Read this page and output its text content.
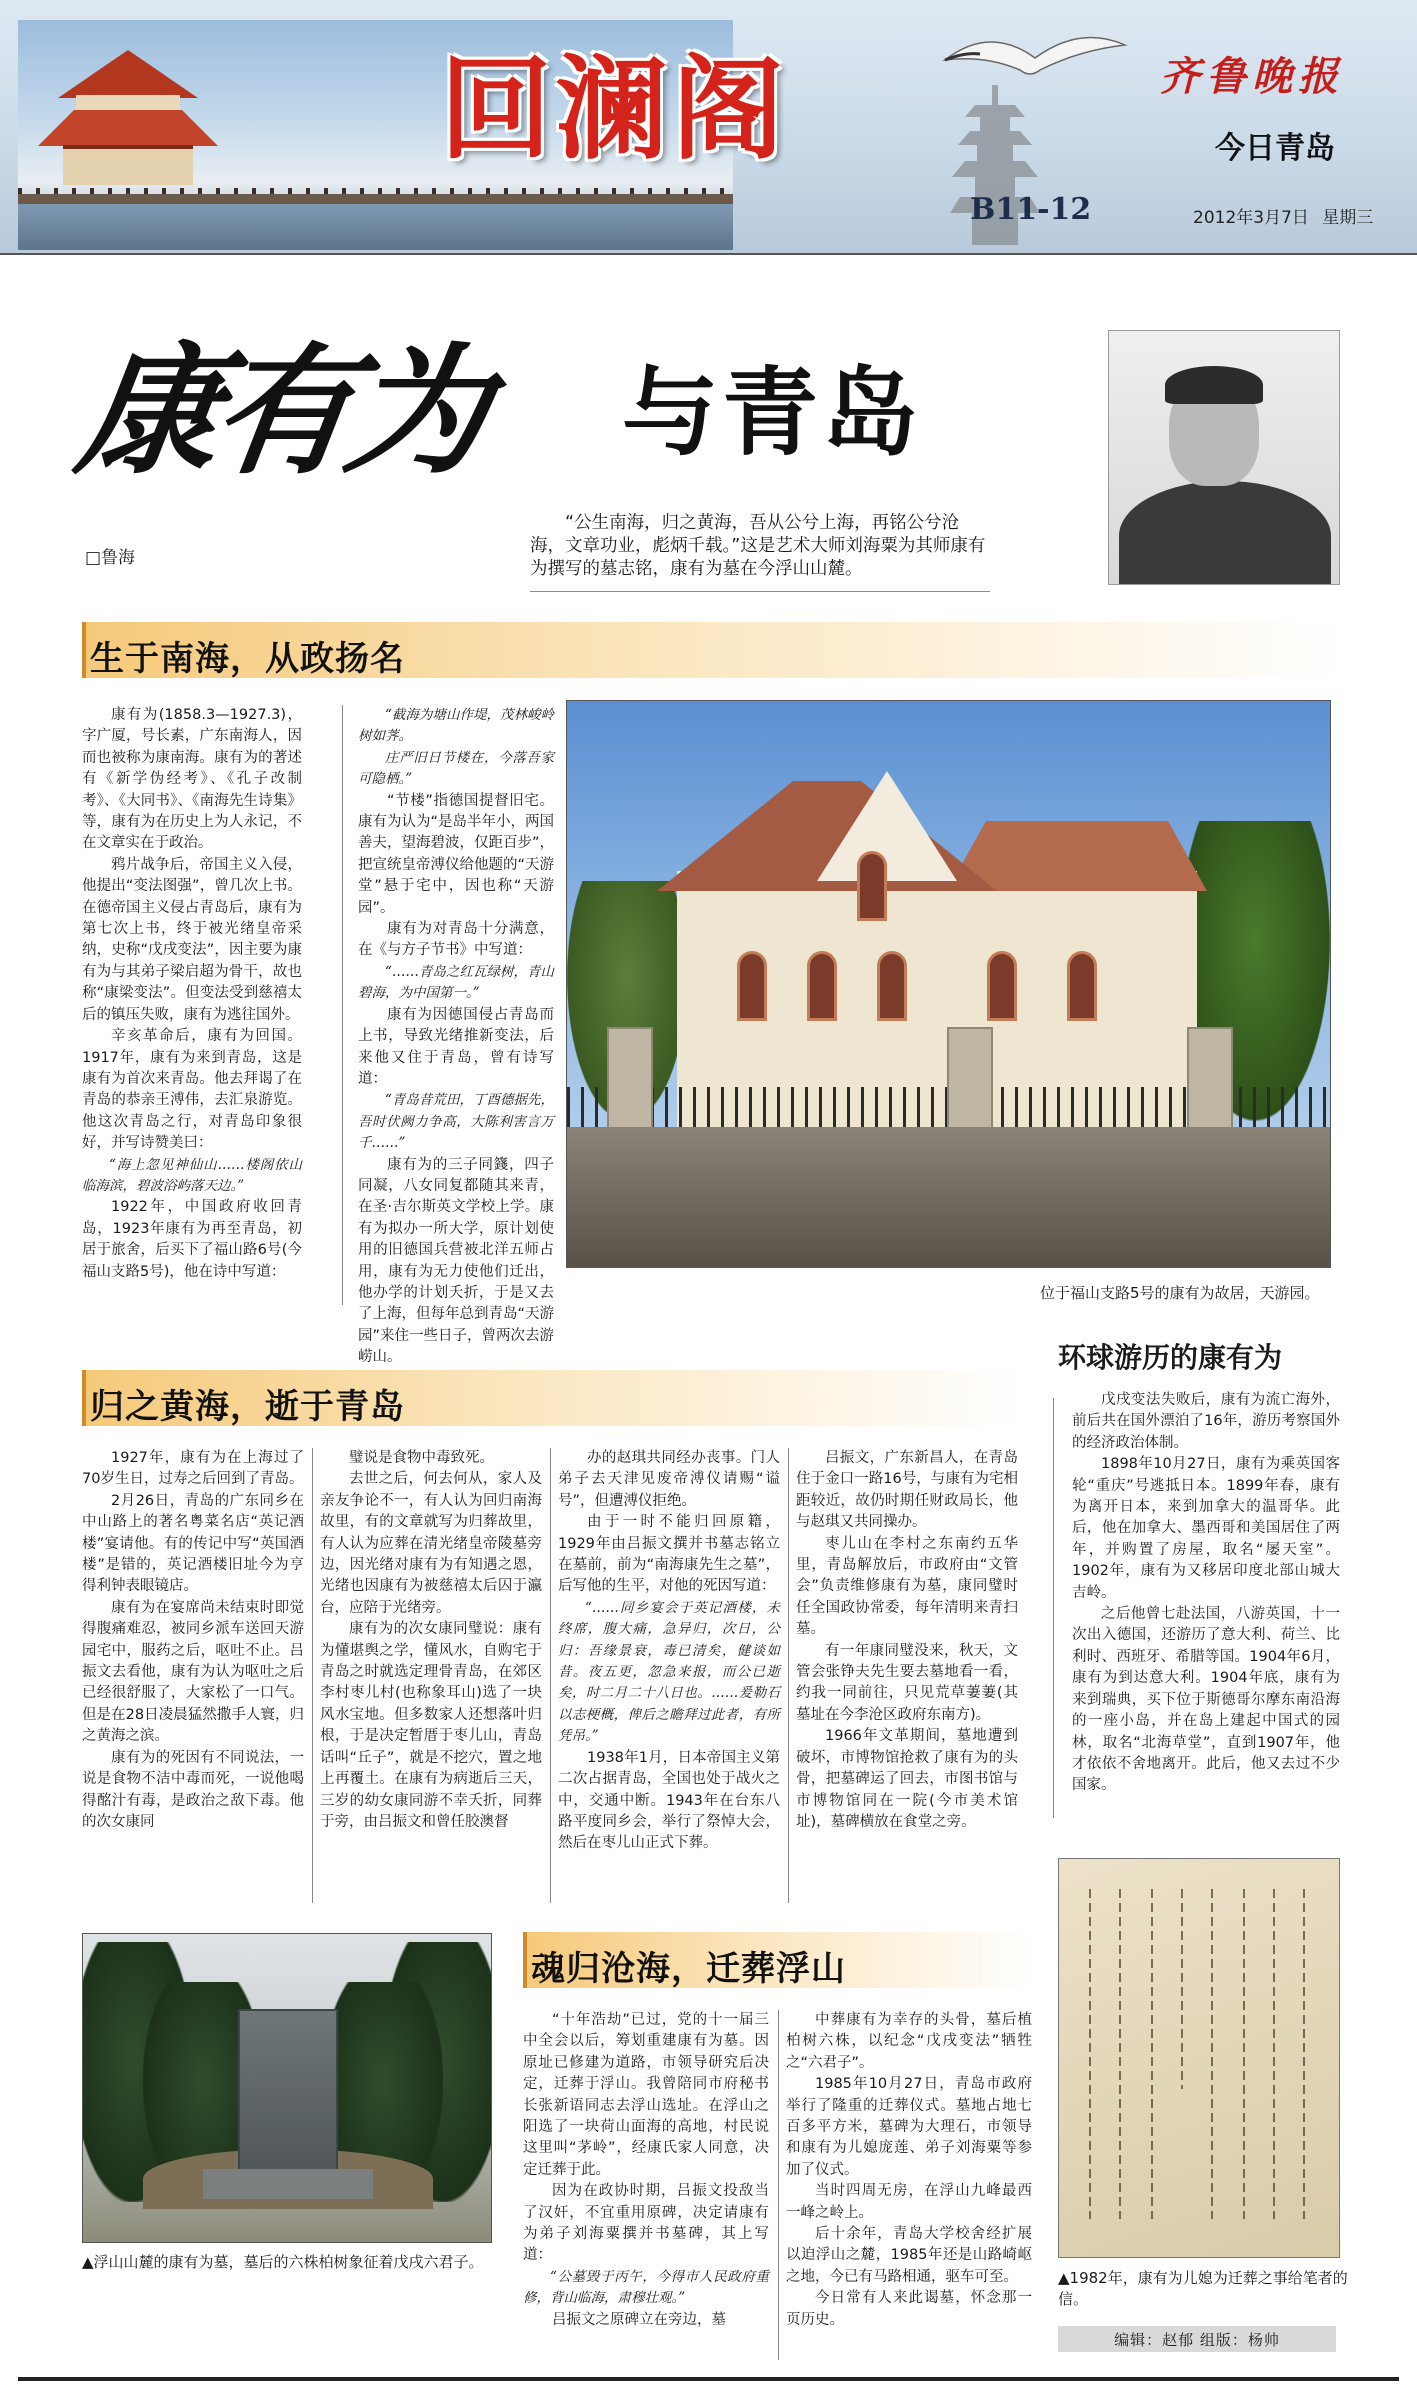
回澜阁	齐鲁晚报
今日青岛
B11-12	2012年3月7日 星期三
康有为 与青岛
□鲁海

“公生南海，归之黄海，吾从公兮上海，再铭公兮沧海，文章功业，彪炳千载。”这是艺术大师刘海粟为其师康有为撰写的墓志铭，康有为墓在今浮山山麓。

生于南海，从政扬名

康有为(1858.3—1927.3)，字广厦，号长素，广东南海人，因而也被称为康南海。康有为的著述有《新学伪经考》、《孔子改制考》、《大同书》、《南海先生诗集》等，康有为在历史上为人永记，不在文章实在于政治。

鸦片战争后，帝国主义入侵，他提出“变法图强”，曾几次上书。在德帝国主义侵占青岛后，康有为第七次上书，终于被光绪皇帝采纳，史称“戊戌变法”，因主要为康有为与其弟子梁启超为骨干，故也称“康梁变法”。但变法受到慈禧太后的镇压失败，康有为逃往国外。

辛亥革命后，康有为回国。1917年，康有为来到青岛，这是康有为首次来青岛。他去拜谒了在青岛的恭亲王溥伟，去汇泉游览。他这次青岛之行，对青岛印象很好，并写诗赞美曰：

“海上忽见神仙山……楼阁依山临海滨，碧波浴屿落天边。”

1922年，中国政府收回青岛，1923年康有为再至青岛，初居于旅舍，后买下了福山路6号(今福山支路5号)，他在诗中写道：

“截海为塘山作堤，茂林峻岭树如荠。

庄严旧日节楼在，今落吾家可隐栖。”

“节楼”指德国提督旧宅。康有为认为“是岛半年小，两国善夫，望海碧波，仅距百步”，把宣统皇帝溥仪给他题的“天游堂”悬于宅中，因也称“天游园”。

康有为对青岛十分满意，在《与方子节书》中写道：

“……青岛之红瓦绿树，青山碧海，为中国第一。”

康有为因德国侵占青岛而上书，导致光绪推新变法，后来他又住于青岛，曾有诗写道：

“青岛昔荒田，丁酉德据先，吾时伏阙力争高，大陈利害言万千……”

康有为的三子同籛，四子同凝，八女同复都随其来青，在圣·吉尔斯英文学校上学。康有为拟办一所大学，原计划使用的旧德国兵营被北洋五师占用，康有为无力使他们迁出，他办学的计划夭折，于是又去了上海，但每年总到青岛“天游园”来住一些日子，曾两次去游崂山。

位于福山支路5号的康有为故居，天游园。
归之黄海，逝于青岛

1927年，康有为在上海过了70岁生日，过寿之后回到了青岛。

2月26日，青岛的广东同乡在中山路上的著名粤菜名店“英记酒楼”宴请他。有的传记中写“英国酒楼”是错的，英记酒楼旧址今为亨得利钟表眼镜店。

康有为在宴席尚未结束时即觉得腹痛难忍，被同乡派车送回天游园宅中，服药之后，呕吐不止。吕振文去看他，康有为认为呕吐之后已经很舒服了，大家松了一口气。但是在28日凌晨猛然撒手人寰，归之黄海之滨。

康有为的死因有不同说法，一说是食物不洁中毒而死，一说他喝得酩汁有毒，是政治之敌下毒。他的次女康同

璧说是食物中毒致死。

去世之后，何去何从，家人及亲友争论不一，有人认为回归南海故里，有的文章就写为归葬故里，有人认为应葬在清光绪皇帝陵墓旁边，因光绪对康有为有知遇之恩，光绪也因康有为被慈禧太后囚于瀛台，应陪于光绪旁。

康有为的次女康同璧说：康有为懂堪舆之学，懂风水，自购宅于青岛之时就选定理骨青岛，在郊区李村枣儿村(也称象耳山)选了一块风水宝地。但多数家人还想落叶归根，于是决定暂厝于枣儿山，青岛话叫“丘子”，就是不挖穴，置之地上再覆土。在康有为病逝后三天，三岁的幼女康同游不幸夭折，同葬于旁，由吕振文和曾任胶澳督

办的赵琪共同经办丧事。门人弟子去天津见废帝溥仪请赐“谥号”，但遭溥仪拒绝。

由于一时不能归回原籍，1929年由吕振文撰并书墓志铭立在墓前，前为“南海康先生之墓”，后写他的生平，对他的死因写道：

“……同乡宴会于英记酒楼，未终席，腹大痛，急异归，次日，公归：吾缘景衰，毒已清矣，健谈如昔。夜五更，忽急来报，而公已逝矣，时二月二十八日也。……爰勒石以志梗概，俾后之瞻拜过此者，有所凭吊。”

1938年1月，日本帝国主义第二次占据青岛，全国也处于战火之中，交通中断。1943年在台东八路平度同乡会，举行了祭悼大会，然后在枣儿山正式下葬。

吕振文，广东新昌人，在青岛住于金口一路16号，与康有为宅相距较近，故仍时期任财政局长，他与赵琪又共同操办。

枣儿山在李村之东南约五华里，青岛解放后，市政府由“文管会”负责维修康有为墓，康同璧时任全国政协常委，每年清明来青扫墓。

有一年康同璧没来，秋天，文管会张铮夫先生要去墓地看一看，约我一同前往，只见荒草萋萋(其墓址在今李沧区政府东南方)。

1966年文革期间，墓地遭到破坏，市博物馆抢救了康有为的头骨，把墓碑运了回去，市图书馆与市博物馆同在一院(今市美术馆址)，墓碑横放在食堂之旁。

环球游历的康有为

戊戌变法失败后，康有为流亡海外，前后共在国外漂泊了16年，游历考察国外的经济政治体制。

1898年10月27日，康有为乘英国客轮“重庆”号逃抵日本。1899年春，康有为离开日本，来到加拿大的温哥华。此后，他在加拿大、墨西哥和美国居住了两年，并购置了房屋，取名“屡天室”。1902年，康有为又移居印度北部山城大吉岭。

之后他曾七赴法国，八游英国，十一次出入德国，还游历了意大利、荷兰、比利时、西班牙、希腊等国。1904年6月，康有为到达意大利。1904年底，康有为来到瑞典，买下位于斯德哥尔摩东南沿海的一座小岛，并在岛上建起中国式的园林，取名“北海草堂”，直到1907年，他才依依不舍地离开。此后，他又去过不少国家。

魂归沧海，迁葬浮山
▲浮山山麓的康有为墓，墓后的六株柏树象征着戊戌六君子。

“十年浩劫”已过，党的十一届三中全会以后，筹划重建康有为墓。因原址已修建为道路，市领导研究后决定，迁葬于浮山。我曾陪同市府秘书长张新语同志去浮山选址。在浮山之阳选了一块荷山面海的高地，村民说这里叫“茅岭”，经康氏家人同意，决定迁葬于此。

因为在政协时期，吕振文投敌当了汉奸，不宜重用原碑，决定请康有为弟子刘海粟撰并书墓碑，其上写道：

“公墓毁于丙午，今得市人民政府重修，背山临海，肃穆壮观。”

吕振文之原碑立在旁边，墓

中葬康有为幸存的头骨，墓后植柏树六株，以纪念“戊戌变法”牺牲之“六君子”。

1985年10月27日，青岛市政府举行了隆重的迁葬仪式。墓地占地七百多平方米，墓碑为大理石，市领导和康有为儿媳庞莲、弟子刘海粟等参加了仪式。

当时四周无房，在浮山九峰最西一峰之岭上。

后十余年，青岛大学校舍经扩展以迫浮山之麓，1985年还是山路崎岖之地，今已有马路相通，驱车可至。

今日常有人来此谒墓，怀念那一页历史。

▲1982年，康有为儿媳为迁葬之事给笔者的信。
编辑：赵郁 组版：杨帅
